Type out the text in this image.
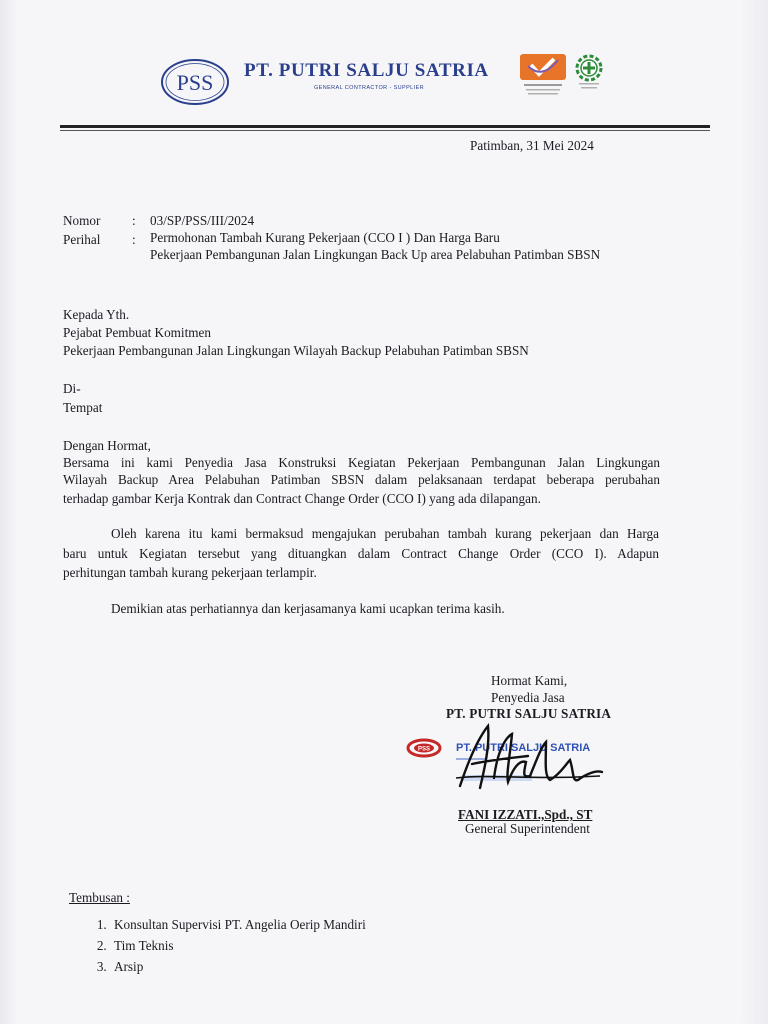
PSS PT. PUTRI SALJU SATRIA
GENERAL CONTRACTOR - SUPPLIER
Patimban, 31 Mei 2024
Nomor : 03/SP/PSS/III/2024
Perihal : Permohonan Tambah Kurang Pekerjaan (CCO I ) Dan Harga Baru
Pekerjaan Pembangunan Jalan Lingkungan Back Up area Pelabuhan Patimban SBSN
Kepada Yth.
Pejabat Pembuat Komitmen
Pekerjaan Pembangunan Jalan Lingkungan Wilayah Backup Pelabuhan Patimban SBSN
Di-
Tempat
Dengan Hormat,
Bersama ini kami Penyedia Jasa Konstruksi Kegiatan Pekerjaan Pembangunan Jalan Lingkungan
Wilayah Backup Area Pelabuhan Patimban SBSN dalam pelaksanaan terdapat beberapa perubahan
terhadap gambar Kerja Kontrak dan Contract Change Order (CCO I) yang ada dilapangan.
Oleh karena itu kami bermaksud mengajukan perubahan tambah kurang pekerjaan dan Harga
baru untuk Kegiatan tersebut yang dituangkan dalam Contract Change Order (CCO I). Adapun
perhitungan tambah kurang pekerjaan terlampir.
Demikian atas perhatiannya dan kerjasamanya kami ucapkan terima kasih.
Hormat Kami,
Penyedia Jasa
PT. PUTRI SALJU SATRIA
PSS PT. PUTRI SALJU SATRIA
FANI IZZATI.,Spd., ST
General Superintendent
Tembusan :
1. Konsultan Supervisi PT. Angelia Oerip Mandiri
2. Tim Teknis
3. Arsip
